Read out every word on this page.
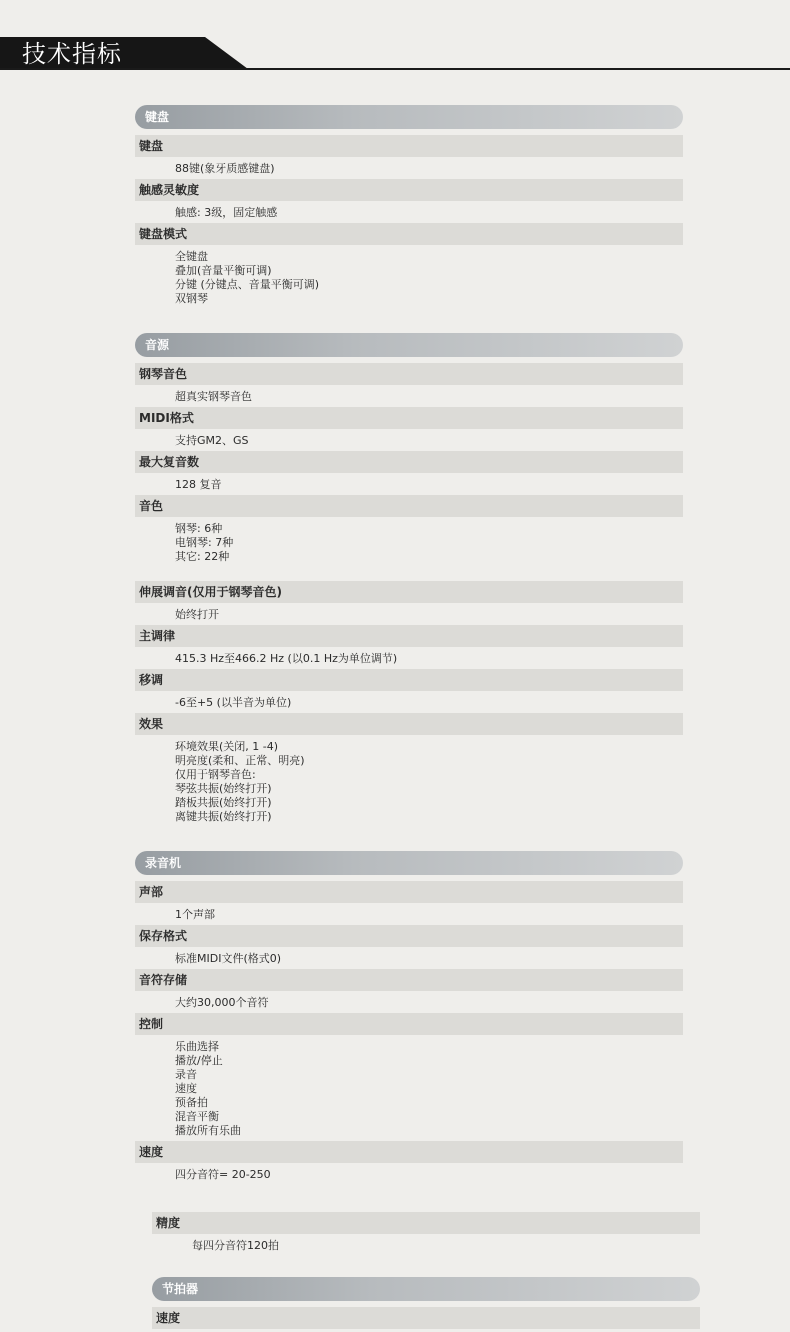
技术指标
键盘
键盘
88键(象牙质感键盘)
触感灵敏度
触感: 3级，固定触感
键盘模式
全键盘
叠加(音量平衡可调)
分键 (分键点、音量平衡可调)
双钢琴
音源
钢琴音色
超真实钢琴音色
MIDI格式
支持GM2、GS
最大复音数
128 复音
音色
钢琴: 6种
电钢琴: 7种
其它: 22种
伸展调音(仅用于钢琴音色)
始终打开
主调律
415.3 Hz至466.2 Hz (以0.1 Hz为单位调节)
移调
-6至+5 (以半音为单位)
效果
环境效果(关闭, 1 -4)
明亮度(柔和、正常、明亮)
仅用于钢琴音色:
琴弦共振(始终打开)
踏板共振(始终打开)
离键共振(始终打开)
录音机
声部
1个声部
保存格式
标准MIDI文件(格式0)
音符存储
大约30,000个音符
控制
乐曲选择
播放/停止
录音
速度
预备拍
混音平衡
播放所有乐曲
速度
四分音符= 20-250
精度
每四分音符120拍
节拍器
速度
